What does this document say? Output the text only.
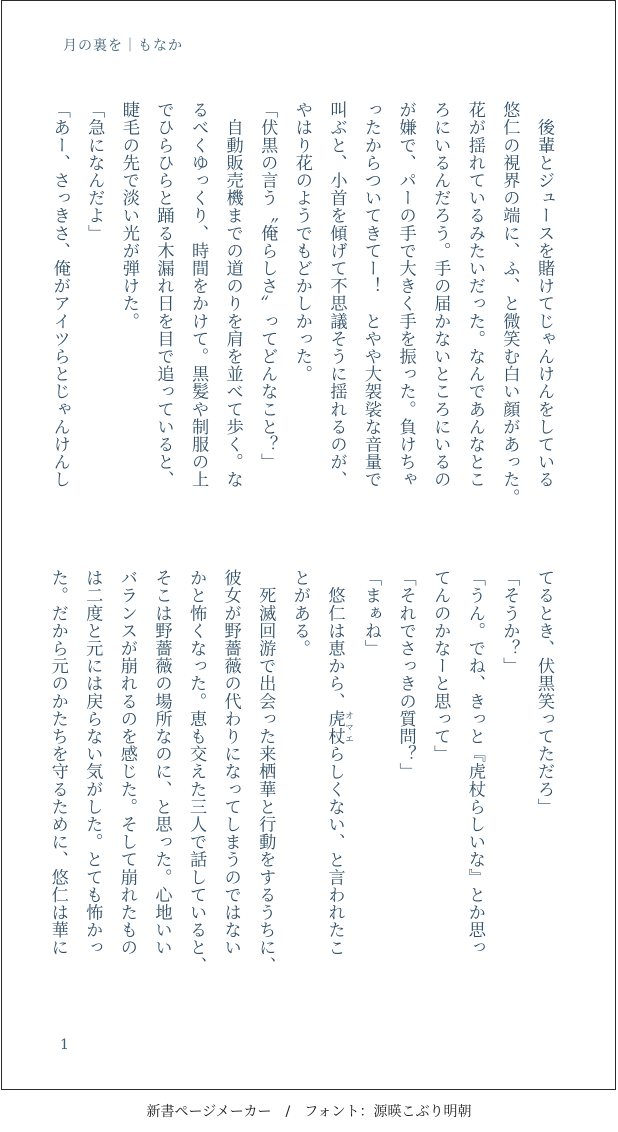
月の裏を｜もなか

　後輩とジュースを賭けてじゃんけんをしている

悠仁の視界の端に、ふ、と微笑む白い顔があった。

花が揺れているみたいだった。なんであんなとこ

ろにいるんだろう。手の届かないところにいるの

が嫌で、パーの手で大きく手を振った。負けちゃ

ったからついてきてー！　とやや大袈裟な音量で

叫ぶと、小首を傾げて不思議そうに揺れるのが、

やはり花のようでもどかしかった。

「伏黒の言う〝俺らしさ〟ってどんなこと？」

　自動販売機までの道のりを肩を並べて歩く。な

るべくゆっくり、時間をかけて。黒髪や制服の上

でひらひらと踊る木漏れ日を目で追っていると、

睫毛の先で淡い光が弾けた。

「急になんだよ」

「あー、さっきさ、俺がアイツらとじゃんけんし

てるとき、伏黒笑ってただろ」

「そうか？」

「うん。でね、きっと『虎杖らしいな』とか思っ

てんのかなーと思って」

「それでさっきの質問？」

「まぁね」

　悠仁は恵から、虎杖 オマエらしくない、と言われたこ

とがある。

　死滅回游で出会った来栖華と行動をするうちに、

彼女が野薔薇の代わりになってしまうのではない

かと怖くなった。恵も交えた三人で話していると、

そこは野薔薇の場所なのに、と思った。心地いい

バランスが崩れるのを感じた。そして崩れたもの

は二度と元には戻らない気がした。とても怖かっ

た。だから元のかたちを守るために、悠仁は華に

1
新書ページメーカー　/　フォント：源暎こぶり明朝
